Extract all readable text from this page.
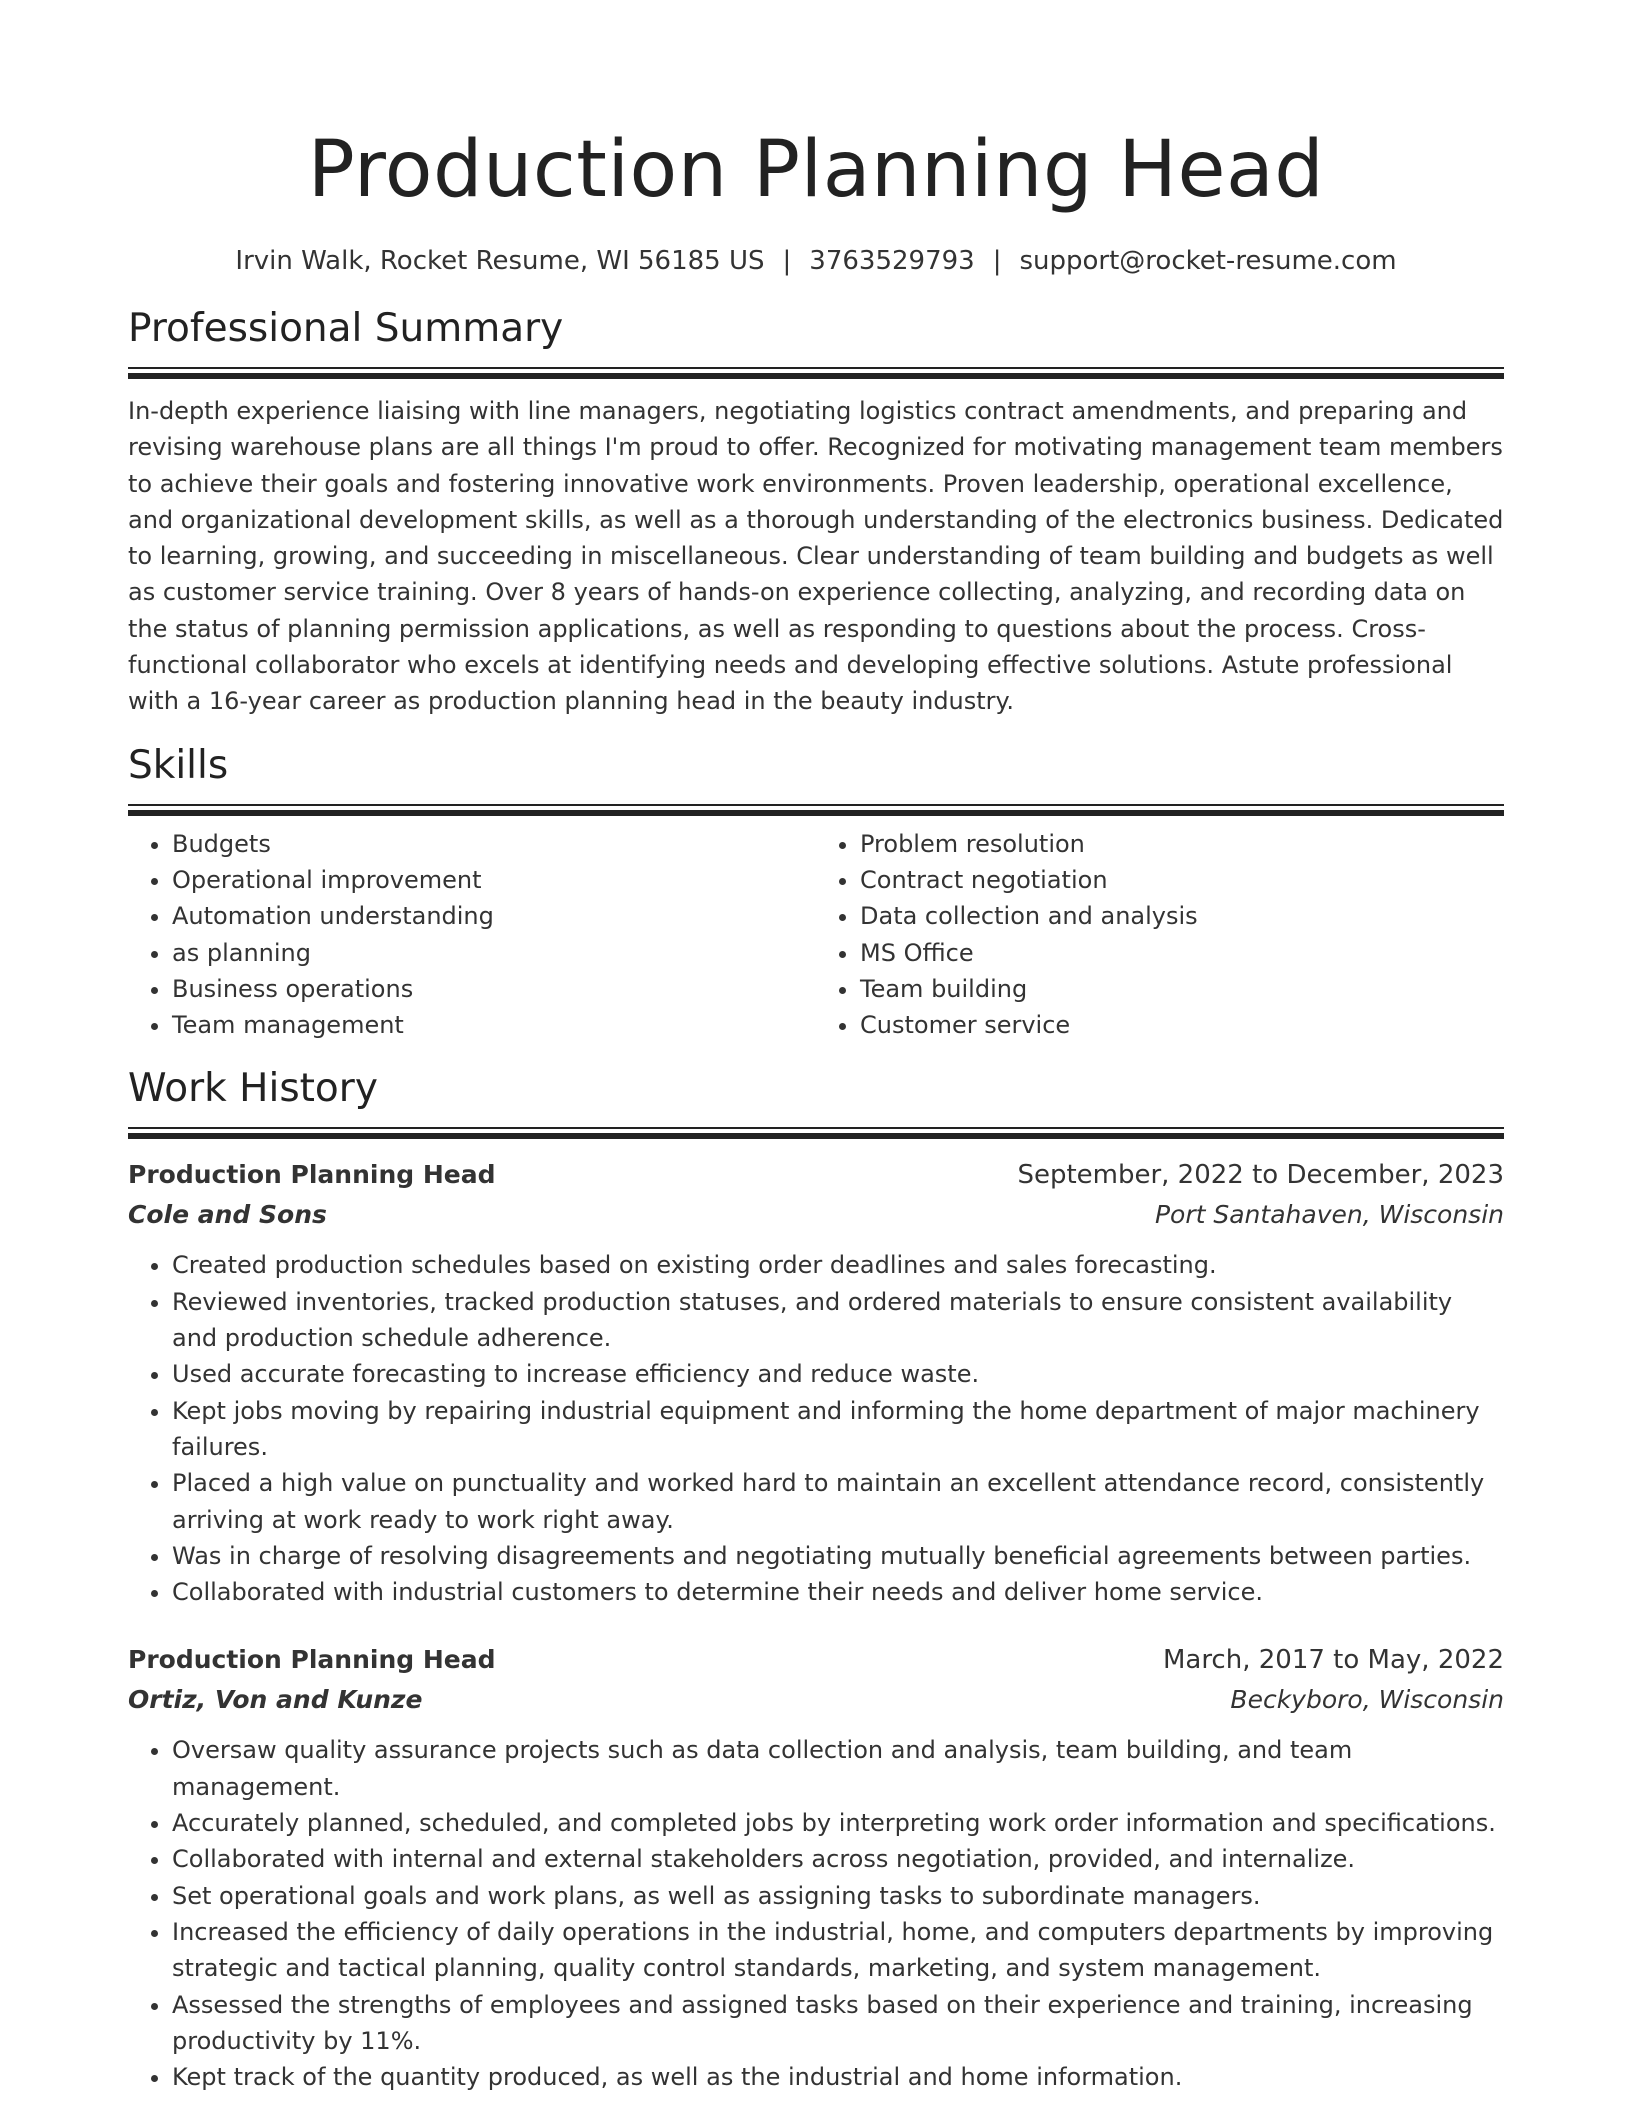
Production Planning Head
Irvin Walk, Rocket Resume, WI 56185 US | 3763529793 | support@rocket-resume.com
Professional Summary

In-depth experience liaising with line managers, negotiating logistics contract amendments, and preparing and revising warehouse plans are all things I'm proud to offer. Recognized for motivating management team members to achieve their goals and fostering innovative work environments. Proven leadership, operational excellence, and organizational development skills, as well as a thorough understanding of the electronics business. Dedicated to learning, growing, and succeeding in miscellaneous. Clear understanding of team building and budgets as well as customer service training. Over 8 years of hands-on experience collecting, analyzing, and recording data on the status of planning permission applications, as well as responding to questions about the process. Cross-functional collaborator who excels at identifying needs and developing effective solutions. Astute professional with a 16-year career as production planning head in the beauty industry.

Skills
• Budgets
• Operational improvement
• Automation understanding
• as planning
• Business operations
• Team management
• Problem resolution
• Contract negotiation
• Data collection and analysis
• MS Office
• Team building
• Customer service
Work History
Production Planning Head	September, 2022 to December, 2023
Cole and Sons	Port Santahaven, Wisconsin
• Created production schedules based on existing order deadlines and sales forecasting.
• Reviewed inventories, tracked production statuses, and ordered materials to ensure consistent availability and production schedule adherence.
• Used accurate forecasting to increase efficiency and reduce waste.
• Kept jobs moving by repairing industrial equipment and informing the home department of major machinery failures.
• Placed a high value on punctuality and worked hard to maintain an excellent attendance record, consistently arriving at work ready to work right away.
• Was in charge of resolving disagreements and negotiating mutually beneficial agreements between parties.
• Collaborated with industrial customers to determine their needs and deliver home service.
Production Planning Head	March, 2017 to May, 2022
Ortiz, Von and Kunze	Beckyboro, Wisconsin
• Oversaw quality assurance projects such as data collection and analysis, team building, and team management.
• Accurately planned, scheduled, and completed jobs by interpreting work order information and specifications.
• Collaborated with internal and external stakeholders across negotiation, provided, and internalize.
• Set operational goals and work plans, as well as assigning tasks to subordinate managers.
• Increased the efficiency of daily operations in the industrial, home, and computers departments by improving strategic and tactical planning, quality control standards, marketing, and system management.
• Assessed the strengths of employees and assigned tasks based on their experience and training, increasing productivity by 11%.
• Kept track of the quantity produced, as well as the industrial and home information.
